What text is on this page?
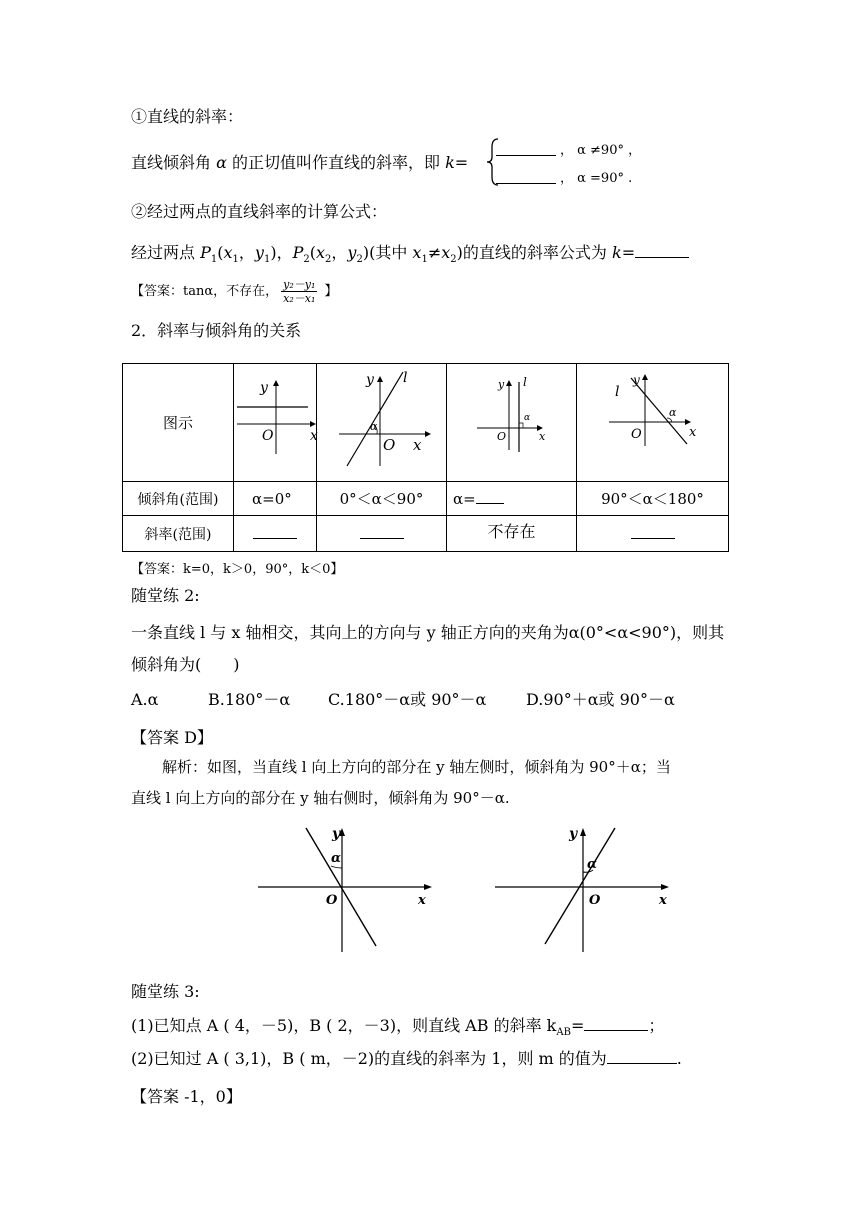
①直线的斜率：
直线倾斜角 α 的正切值叫作直线的斜率，即 k=
， α ≠90° ，
， α =90° .
②经过两点的直线斜率的计算公式：
经过两点 $P_1(x_1$，$y_1$)，$P_2(x_2$，$y_2$)(其中 $x_1\ne x_2$)的直线的斜率公式为 k=
【答案：tanα，不存在， $\frac{\text{y₂－y₁}}{\text{x₂－x₁}}$ 】
2．斜率与倾斜角的关系
图示	y
O x	y l
α
O x	y l
α
O x	y
l
α
O x

倾斜角(范围)	α=0°	0°＜α＜90°	α=	90°＜α＜180°
斜率(范围)			不存在	
【答案：k=0，k＞0，90°，k＜0】
随堂练 2:
一条直线 l 与 x 轴相交，其向上的方向与 y 轴正方向的夹角为α(0°<α<90°)，则其
倾斜角为(　　)
A.α	B.180°－α C.180°－α或 90°－α D.90°＋α或 90°－α
【答案 D】
解析：如图，当直线 l 向上方向的部分在 y 轴左侧时，倾斜角为 90°＋α；当
直线 l 向上方向的部分在 y 轴右侧时，倾斜角为 90°－α.
y
α
O	x
y
α
O	x
随堂练 3:
(1)已知点 A ( 4，－5)，B ( 2，－3)，则直线 AB 的斜率 $k_{AB}=$	；
(2)已知过 A ( 3,1)，B ( m，－2)的直线的斜率为 1，则 m 的值为	.
【答案 -1，0】
